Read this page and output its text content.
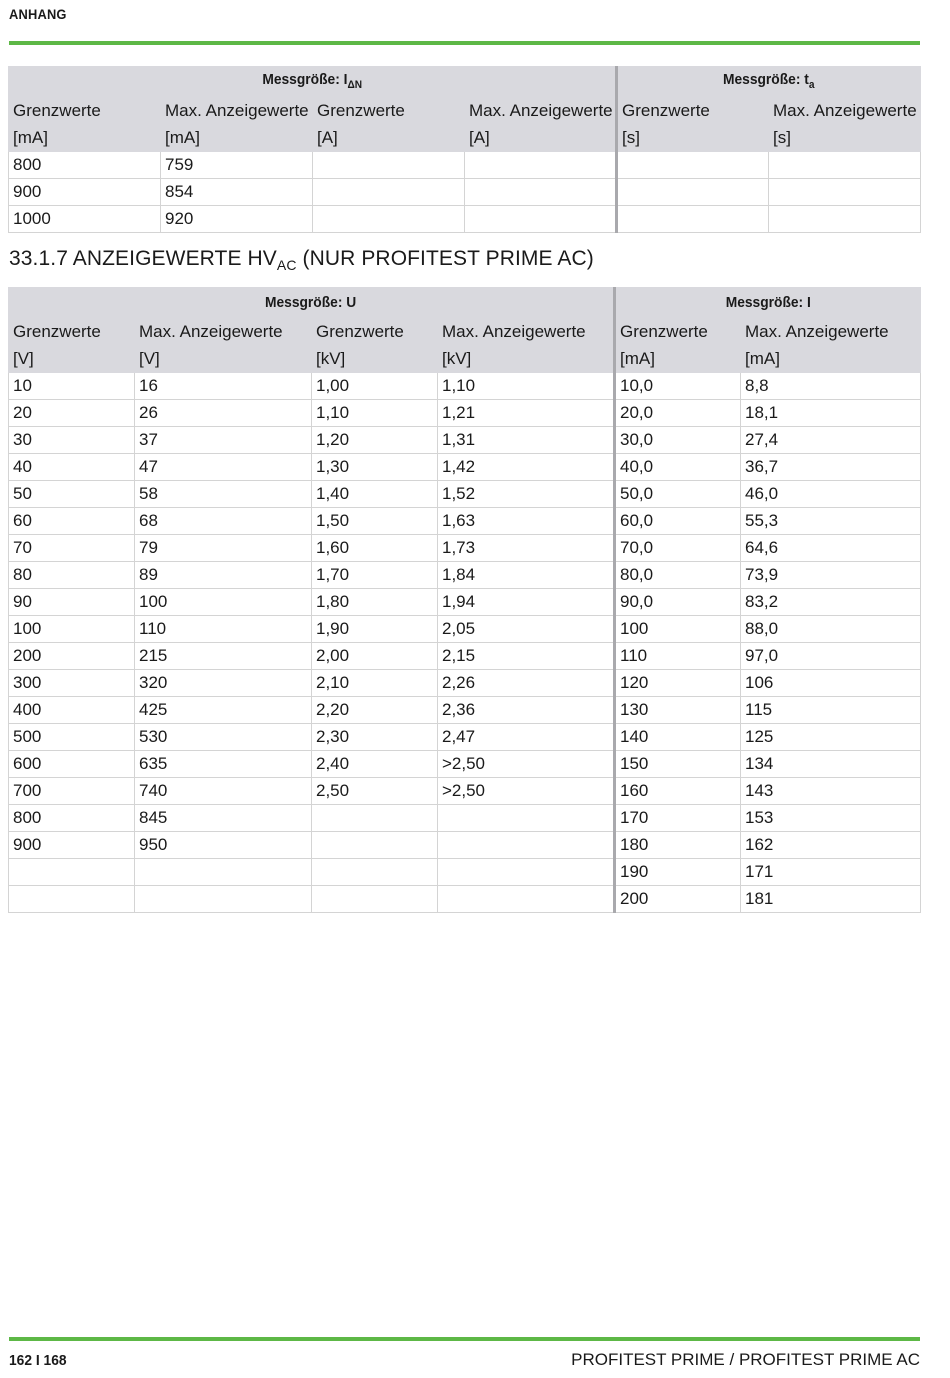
ANHANG
Messgröße: $I_{\Delta N}$				Messgröße: $t_a$
Grenzwerte	Max. Anzeigewerte	Grenzwerte	Max. Anzeigewerte	Grenzwerte	Max. Anzeigewerte
[mA]	[mA]	[A]	[A]	[s]	[s]
800	759				
900	854				
1000	920				
33.1.7 ANZEIGEWERTE $HV_{AC}$ (NUR PROFITEST PRIME AC)
Messgröße: U				Messgröße: I	
Grenzwerte	Max. Anzeigewerte	Grenzwerte	Max. Anzeigewerte	Grenzwerte	Max. Anzeigewerte
[V]	[V]	[kV]	[kV]	[mA]	[mA]
10	16	1,00	1,10	10,0	8,8
20	26	1,10	1,21	20,0	18,1
30	37	1,20	1,31	30,0	27,4
40	47	1,30	1,42	40,0	36,7
50	58	1,40	1,52	50,0	46,0
60	68	1,50	1,63	60,0	55,3
70	79	1,60	1,73	70,0	64,6
80	89	1,70	1,84	80,0	73,9
90	100	1,80	1,94	90,0	83,2
100	110	1,90	2,05	100	88,0
200	215	2,00	2,15	110	97,0
300	320	2,10	2,26	120	106
400	425	2,20	2,36	130	115
500	530	2,30	2,47	140	125
600	635	2,40	>2,50	150	134
700	740	2,50	>2,50	160	143
800	845			170	153
900	950			180	162
				190	171
				200	181
162 I 168	PROFITEST PRIME / PROFITEST PRIME AC
